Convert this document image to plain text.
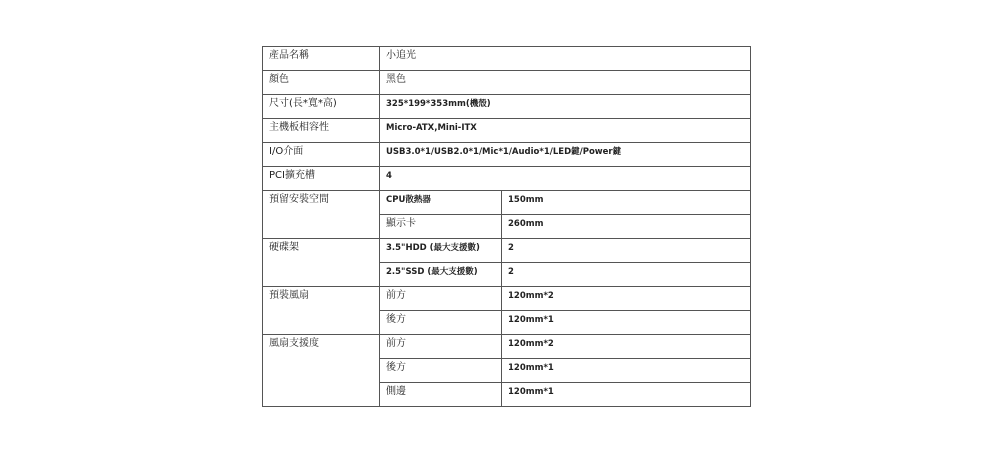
產品名稱	小追光	
顏色	黑色	
尺寸(長*寬*高)	325*199*353mm(機殼)	
主機板相容性	Micro-ATX,Mini-ITX	
I/O介面	USB3.0*1/USB2.0*1/Mic*1/Audio*1/LED鍵/Power鍵	
PCI擴充槽	4	
預留安裝空間	CPU散熱器	150mm
	顯示卡	260mm
硬碟架	3.5"HDD (最大支援數)	2
	2.5"SSD (最大支援數)	2
預裝風扇	前方	120mm*2
	後方	120mm*1
風扇支援度	前方	120mm*2
	後方	120mm*1
	側邊	120mm*1
